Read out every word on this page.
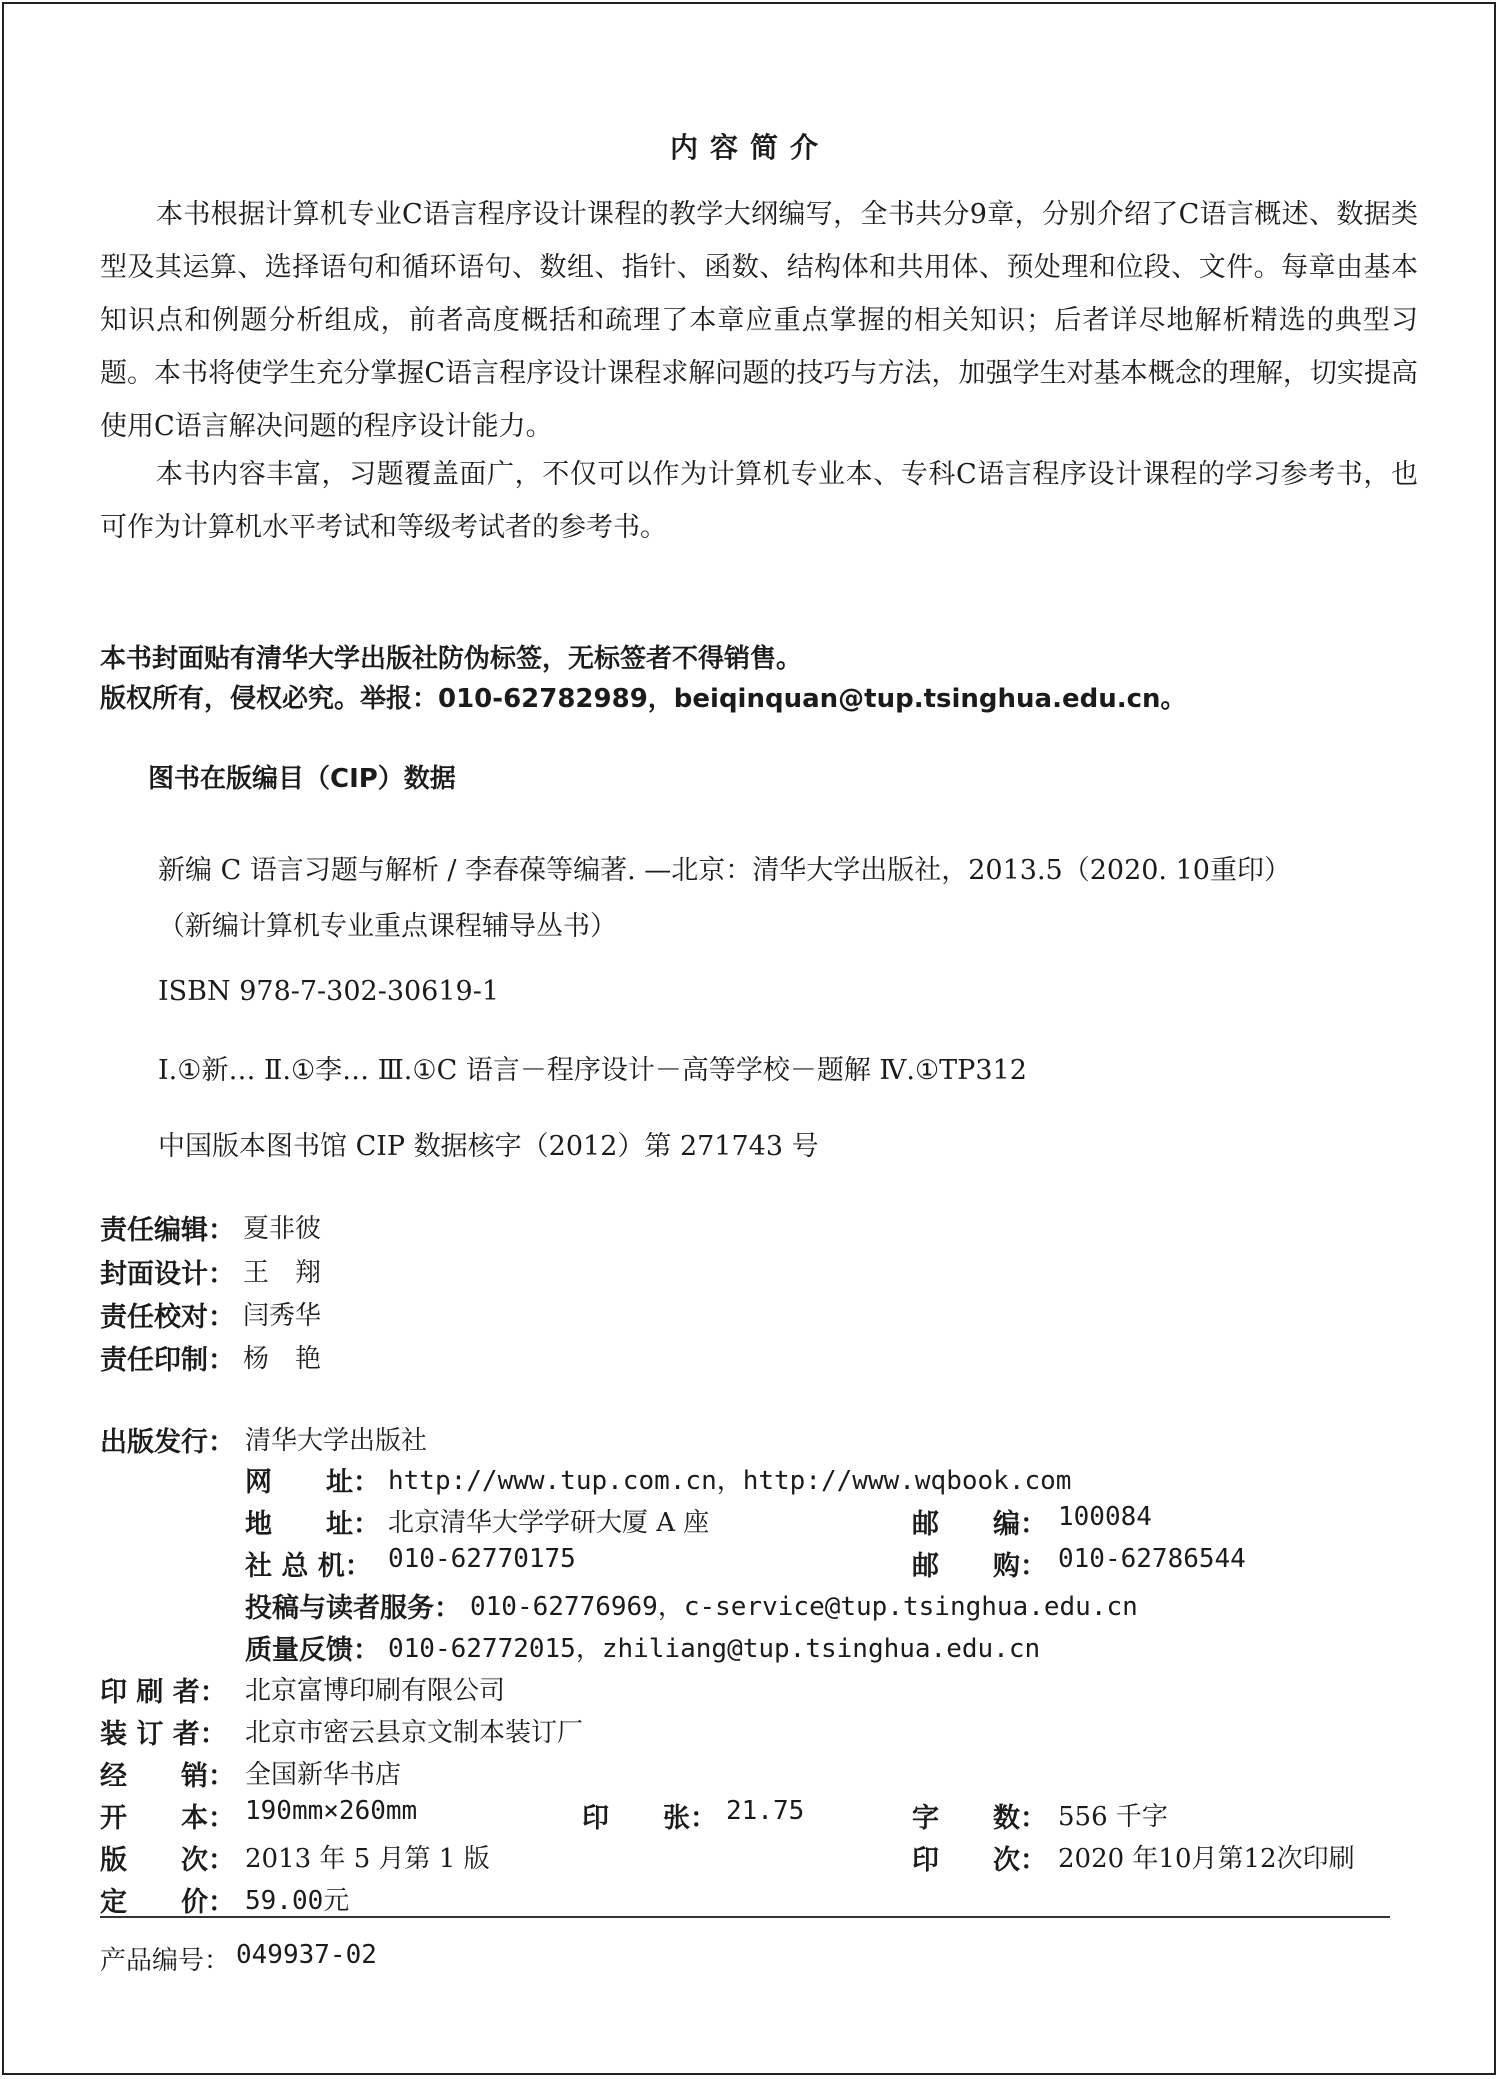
内容简介
本书根据计算机专业C语言程序设计课程的教学大纲编写，全书共分9章，分别介绍了C语言概述、数据类型及其运算、选择语句和循环语句、数组、指针、函数、结构体和共用体、预处理和位段、文件。每章由基本知识点和例题分析组成，前者高度概括和疏理了本章应重点掌握的相关知识；后者详尽地解析精选的典型习题。本书将使学生充分掌握C语言程序设计课程求解问题的技巧与方法，加强学生对基本概念的理解，切实提高使用C语言解决问题的程序设计能力。
本书内容丰富，习题覆盖面广，不仅可以作为计算机专业本、专科C语言程序设计课程的学习参考书，也可作为计算机水平考试和等级考试者的参考书。
本书封面贴有清华大学出版社防伪标签，无标签者不得销售。
版权所有，侵权必究。举报：010-62782989，beiqinquan@tup.tsinghua.edu.cn。
图书在版编目（CIP）数据
新编 C 语言习题与解析 / 李春葆等编著. —北京：清华大学出版社，2013.5（2020. 10重印）
（新编计算机专业重点课程辅导丛书）
ISBN 978-7-302-30619-1
Ⅰ.①新… Ⅱ.①李… Ⅲ.①C 语言－程序设计－高等学校－题解 Ⅳ.①TP312
中国版本图书馆 CIP 数据核字（2012）第 271743 号
责任编辑： 夏非彼
封面设计： 王　翔
责任校对： 闫秀华
责任印制： 杨　艳
出版发行： 清华大学出版社
网　　址： http://www.tup.com.cn，http://www.wqbook.com
地　　址： 北京清华大学学研大厦 A 座	邮　　编： 100084
社 总 机： 010-62770175	邮　　购： 010-62786544
投稿与读者服务： 010-62776969，c-service@tup.tsinghua.edu.cn
质量反馈： 010-62772015，zhiliang@tup.tsinghua.edu.cn
印 刷 者： 北京富博印刷有限公司
装 订 者： 北京市密云县京文制本装订厂
经　　销： 全国新华书店
开　　本： 190mm×260mm	印　　张： 21.75	字　　数： 556 千字
版　　次： 2013 年 5 月第 1 版	印　　次： 2020 年10月第12次印刷
定　　价： 59.00元
产品编号： 049937-02
